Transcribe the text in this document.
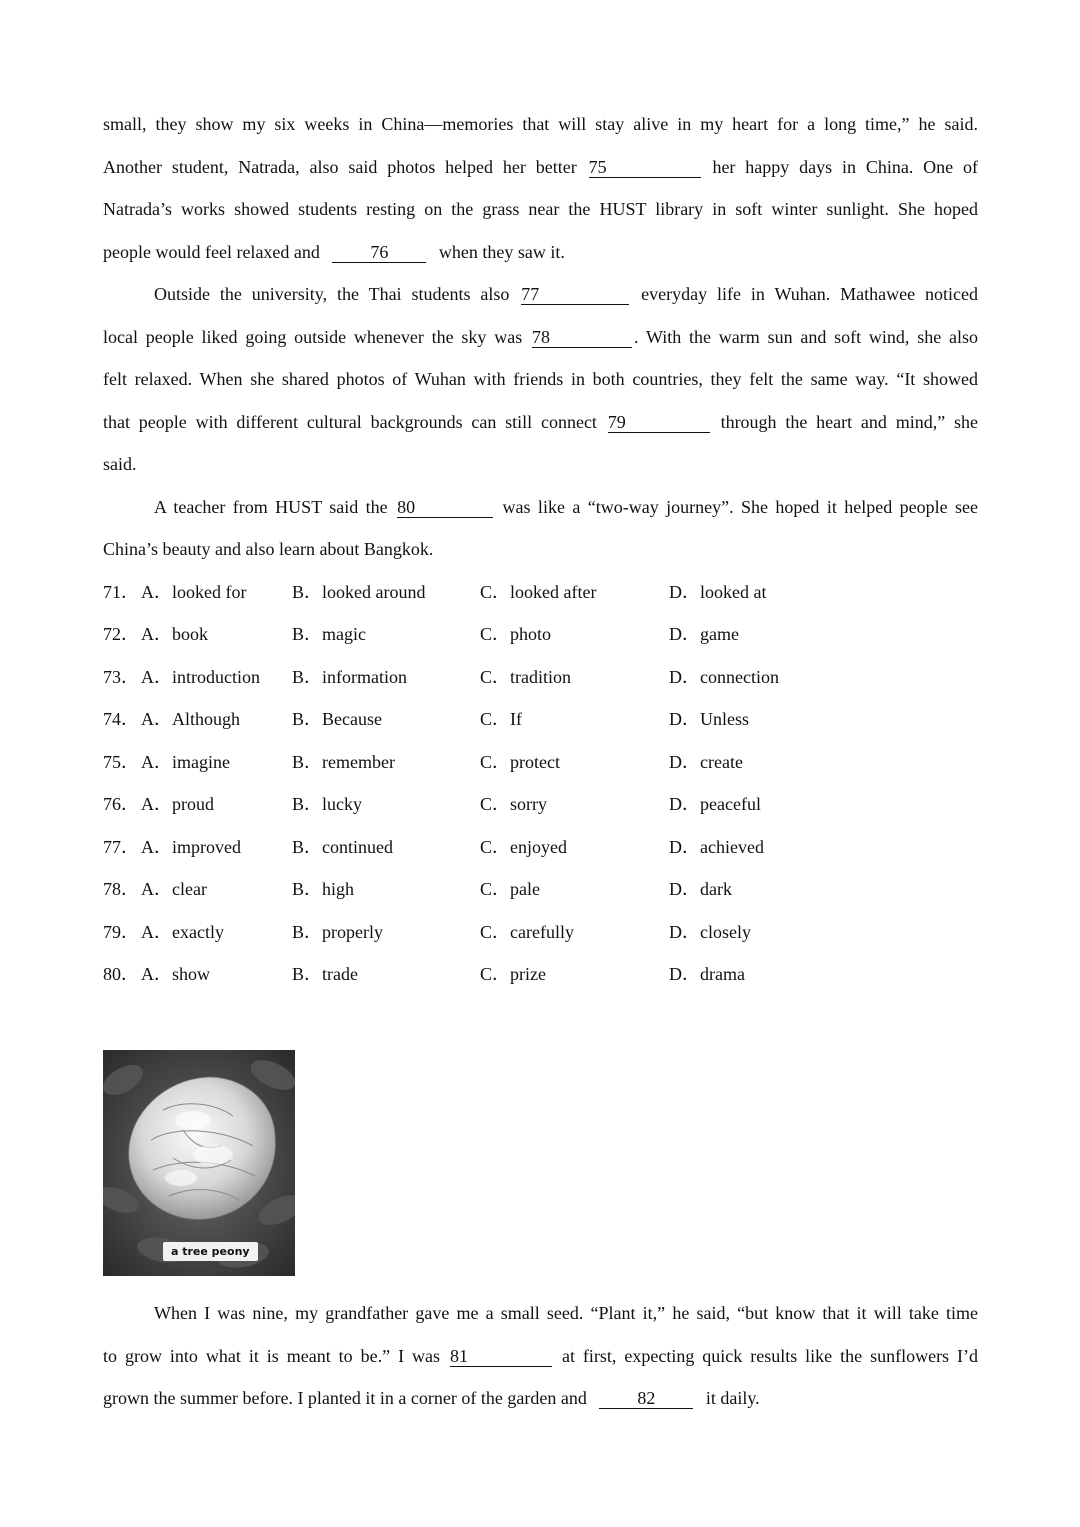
small, they show my six weeks in China—memories that will stay alive in my heart for a long time,” he said.
Another student, Natrada, also said photos helped her better 75	her happy days in China. One of
Natrada’s works showed students resting on the grass near the HUST library in soft winter sunlight. She hoped
people would feel relaxed and	76	when they saw it.
Outside the university, the Thai students also 77	everyday life in Wuhan. Mathawee noticed
local people liked going outside whenever the sky was 78	. With the warm sun and soft wind, she also
felt relaxed. When she shared photos of Wuhan with friends in both countries, they felt the same way. “It showed
that people with different cultural backgrounds can still connect 79	through the heart and mind,” she
said.
A teacher from HUST said the 80	was like a “two-way journey”. She hoped it helped people see
China’s beauty and also learn about Bangkok.
71． A．looked for	B．looked around	C．looked after	D．looked at
72． A．book	B．magic	C．photo	D．game
73． A．introduction B．information	C．tradition	D．connection
74． A．Although	B．Because	C．If	D．Unless
75． A．imagine	B．remember	C．protect	D．create
76． A．proud	B．lucky	C．sorry	D．peaceful
77． A．improved	B．continued	C．enjoyed	D．achieved
78． A．clear	B．high	C．pale	D．dark
79． A．exactly	B．properly	C．carefully	D．closely
80． A．show	B．trade	C．prize	D．drama
a tree peony
When I was nine, my grandfather gave me a small seed. “Plant it,” he said, “but know that it will take time
to grow into what it is meant to be.” I was 81	at first, expecting quick results like the sunflowers I’d
grown the summer before. I planted it in a corner of the garden and	82	it daily.
